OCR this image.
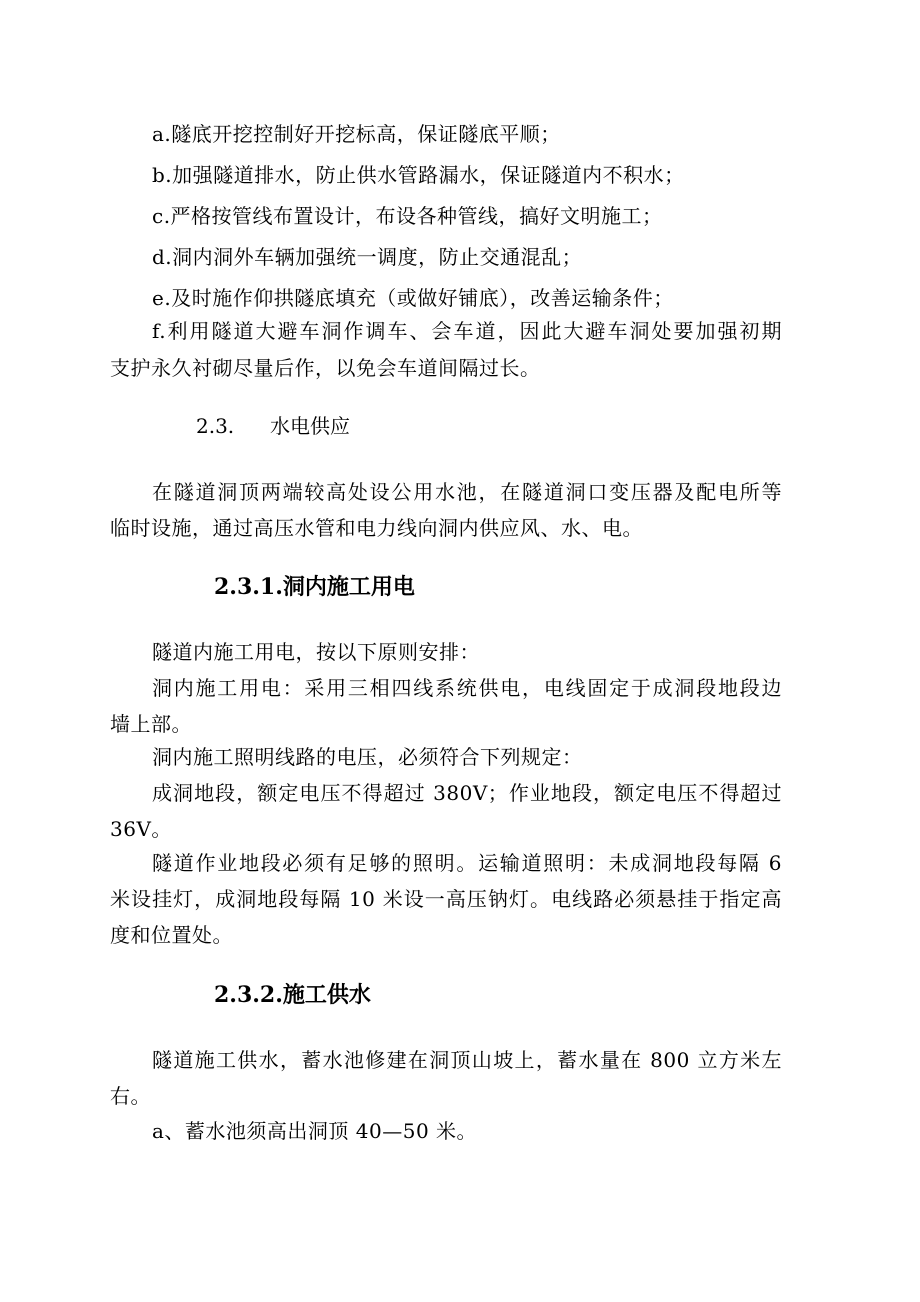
a.隧底开挖控制好开挖标高，保证隧底平顺；
b.加强隧道排水，防止供水管路漏水，保证隧道内不积水；
c.严格按管线布置设计，布设各种管线，搞好文明施工；
d.洞内洞外车辆加强统一调度，防止交通混乱；
e.及时施作仰拱隧底填充（或做好铺底），改善运输条件；
f.利用隧道大避车洞作调车、会车道，因此大避车洞处要加强初期
支护永久衬砌尽量后作，以免会车道间隔过长。
2.3. 水电供应
在隧道洞顶两端较高处设公用水池，在隧道洞口变压器及配电所等
临时设施，通过高压水管和电力线向洞内供应风、水、电。
2.3.1.洞内施工用电
隧道内施工用电，按以下原则安排：
洞内施工用电：采用三相四线系统供电，电线固定于成洞段地段边
墙上部。
洞内施工照明线路的电压，必须符合下列规定：
成洞地段，额定电压不得超过 380V；作业地段，额定电压不得超过
36V。
隧道作业地段必须有足够的照明。运输道照明：未成洞地段每隔 6
米设挂灯，成洞地段每隔 10 米设一高压钠灯。电线路必须悬挂于指定高
度和位置处。
2.3.2.施工供水
隧道施工供水，蓄水池修建在洞顶山坡上，蓄水量在 800 立方米左
右。
a、蓄水池须高出洞顶 40—50 米。
